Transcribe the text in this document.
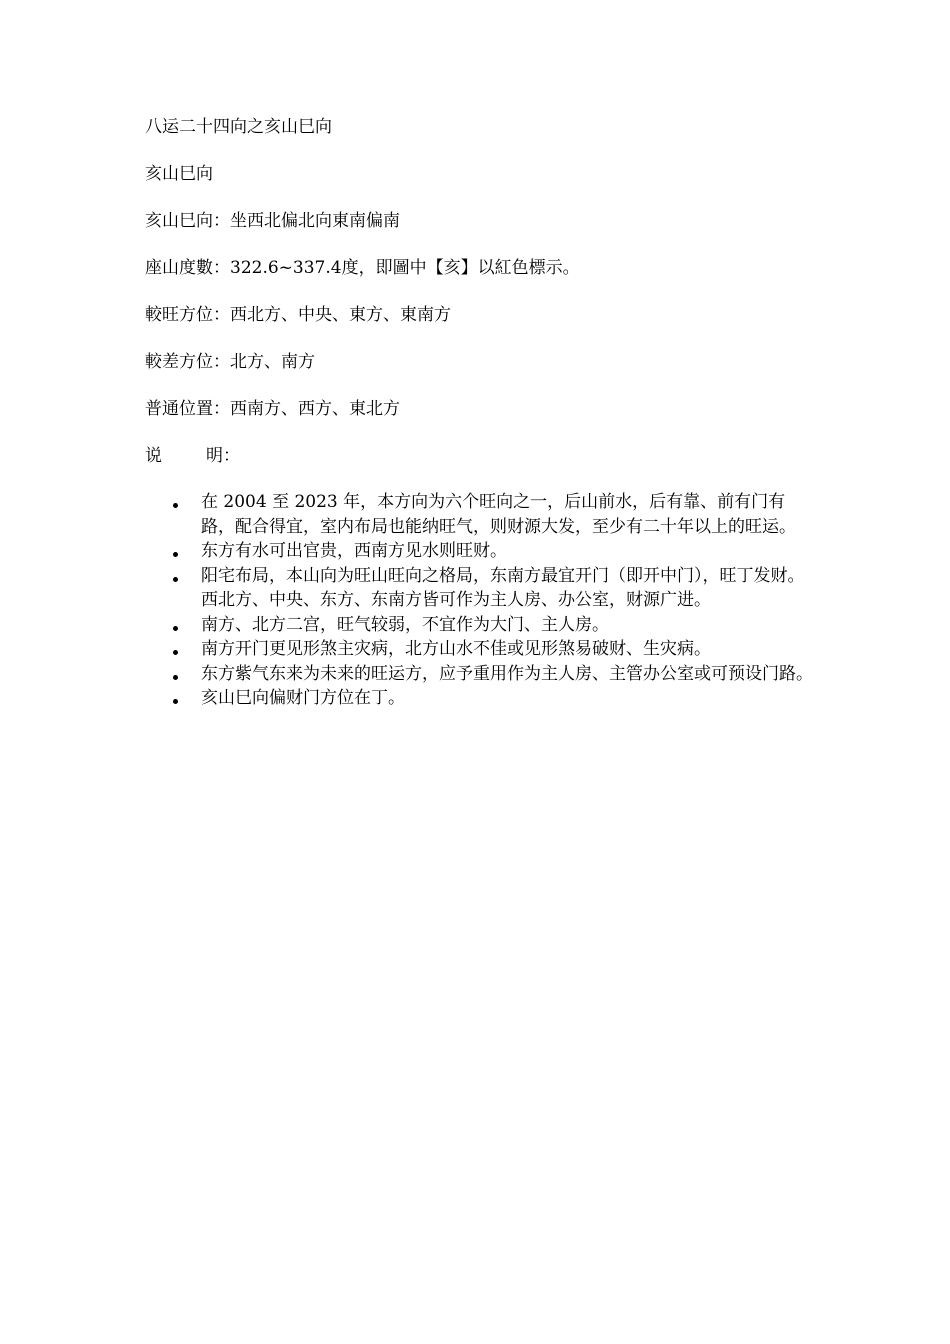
八运二十四向之亥山巳向

亥山巳向

亥山巳向：坐西北偏北向東南偏南

座山度數：322.6~337.4度，即圖中【亥】以紅色標示。

較旺方位：西北方、中央、東方、東南方

較差方位：北方、南方

普通位置：西南方、西方、東北方

说	明：

在 2004 至 2023 年，本方向为六个旺向之一，后山前水，后有靠、前有门有路，配合得宜，室内布局也能纳旺气，则财源大发，至少有二十年以上的旺运。
东方有水可出官贵，西南方见水则旺财。
阳宅布局，本山向为旺山旺向之格局，东南方最宜开门（即开中门），旺丁发财。西北方、中央、东方、东南方皆可作为主人房、办公室，财源广进。
南方、北方二宫，旺气较弱，不宜作为大门、主人房。
南方开门更见形煞主灾病，北方山水不佳或见形煞易破财、生灾病。
东方紫气东来为未来的旺运方，应予重用作为主人房、主管办公室或可预设门路。
亥山巳向偏财门方位在丁。
